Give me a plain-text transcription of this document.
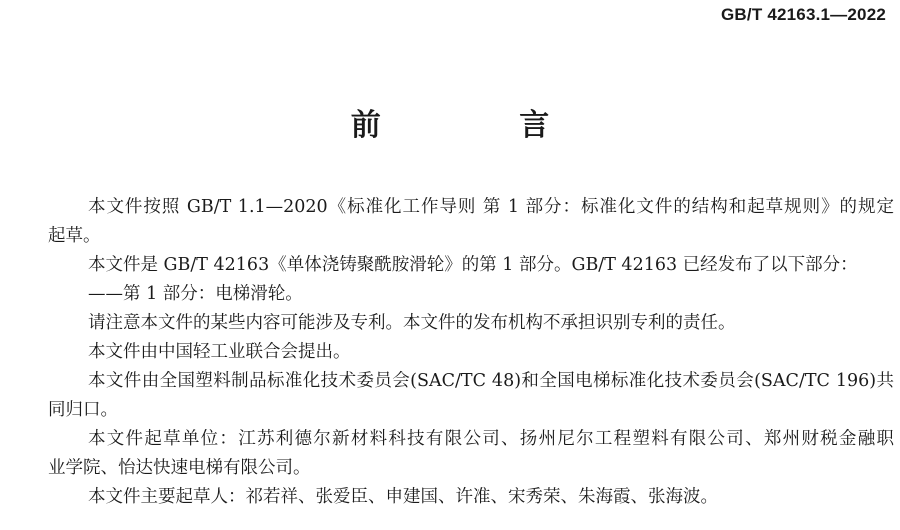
GB/T 42163.1—2022
前 言
本文件按照 GB/T 1.1—2020《标准化工作导则 第 1 部分：标准化文件的结构和起草规则》的规定
起草。
本文件是 GB/T 42163《单体浇铸聚酰胺滑轮》的第 1 部分。GB/T 42163 已经发布了以下部分：
——第 1 部分：电梯滑轮。
请注意本文件的某些内容可能涉及专利。本文件的发布机构不承担识别专利的责任。
本文件由中国轻工业联合会提出。
本文件由全国塑料制品标准化技术委员会(SAC/TC 48)和全国电梯标准化技术委员会(SAC/TC 196)共
同归口。
本文件起草单位：江苏利德尔新材料科技有限公司、扬州尼尔工程塑料有限公司、郑州财税金融职
业学院、怡达快速电梯有限公司。
本文件主要起草人：祁若祥、张爱臣、申建国、许准、宋秀荣、朱海霞、张海波。
